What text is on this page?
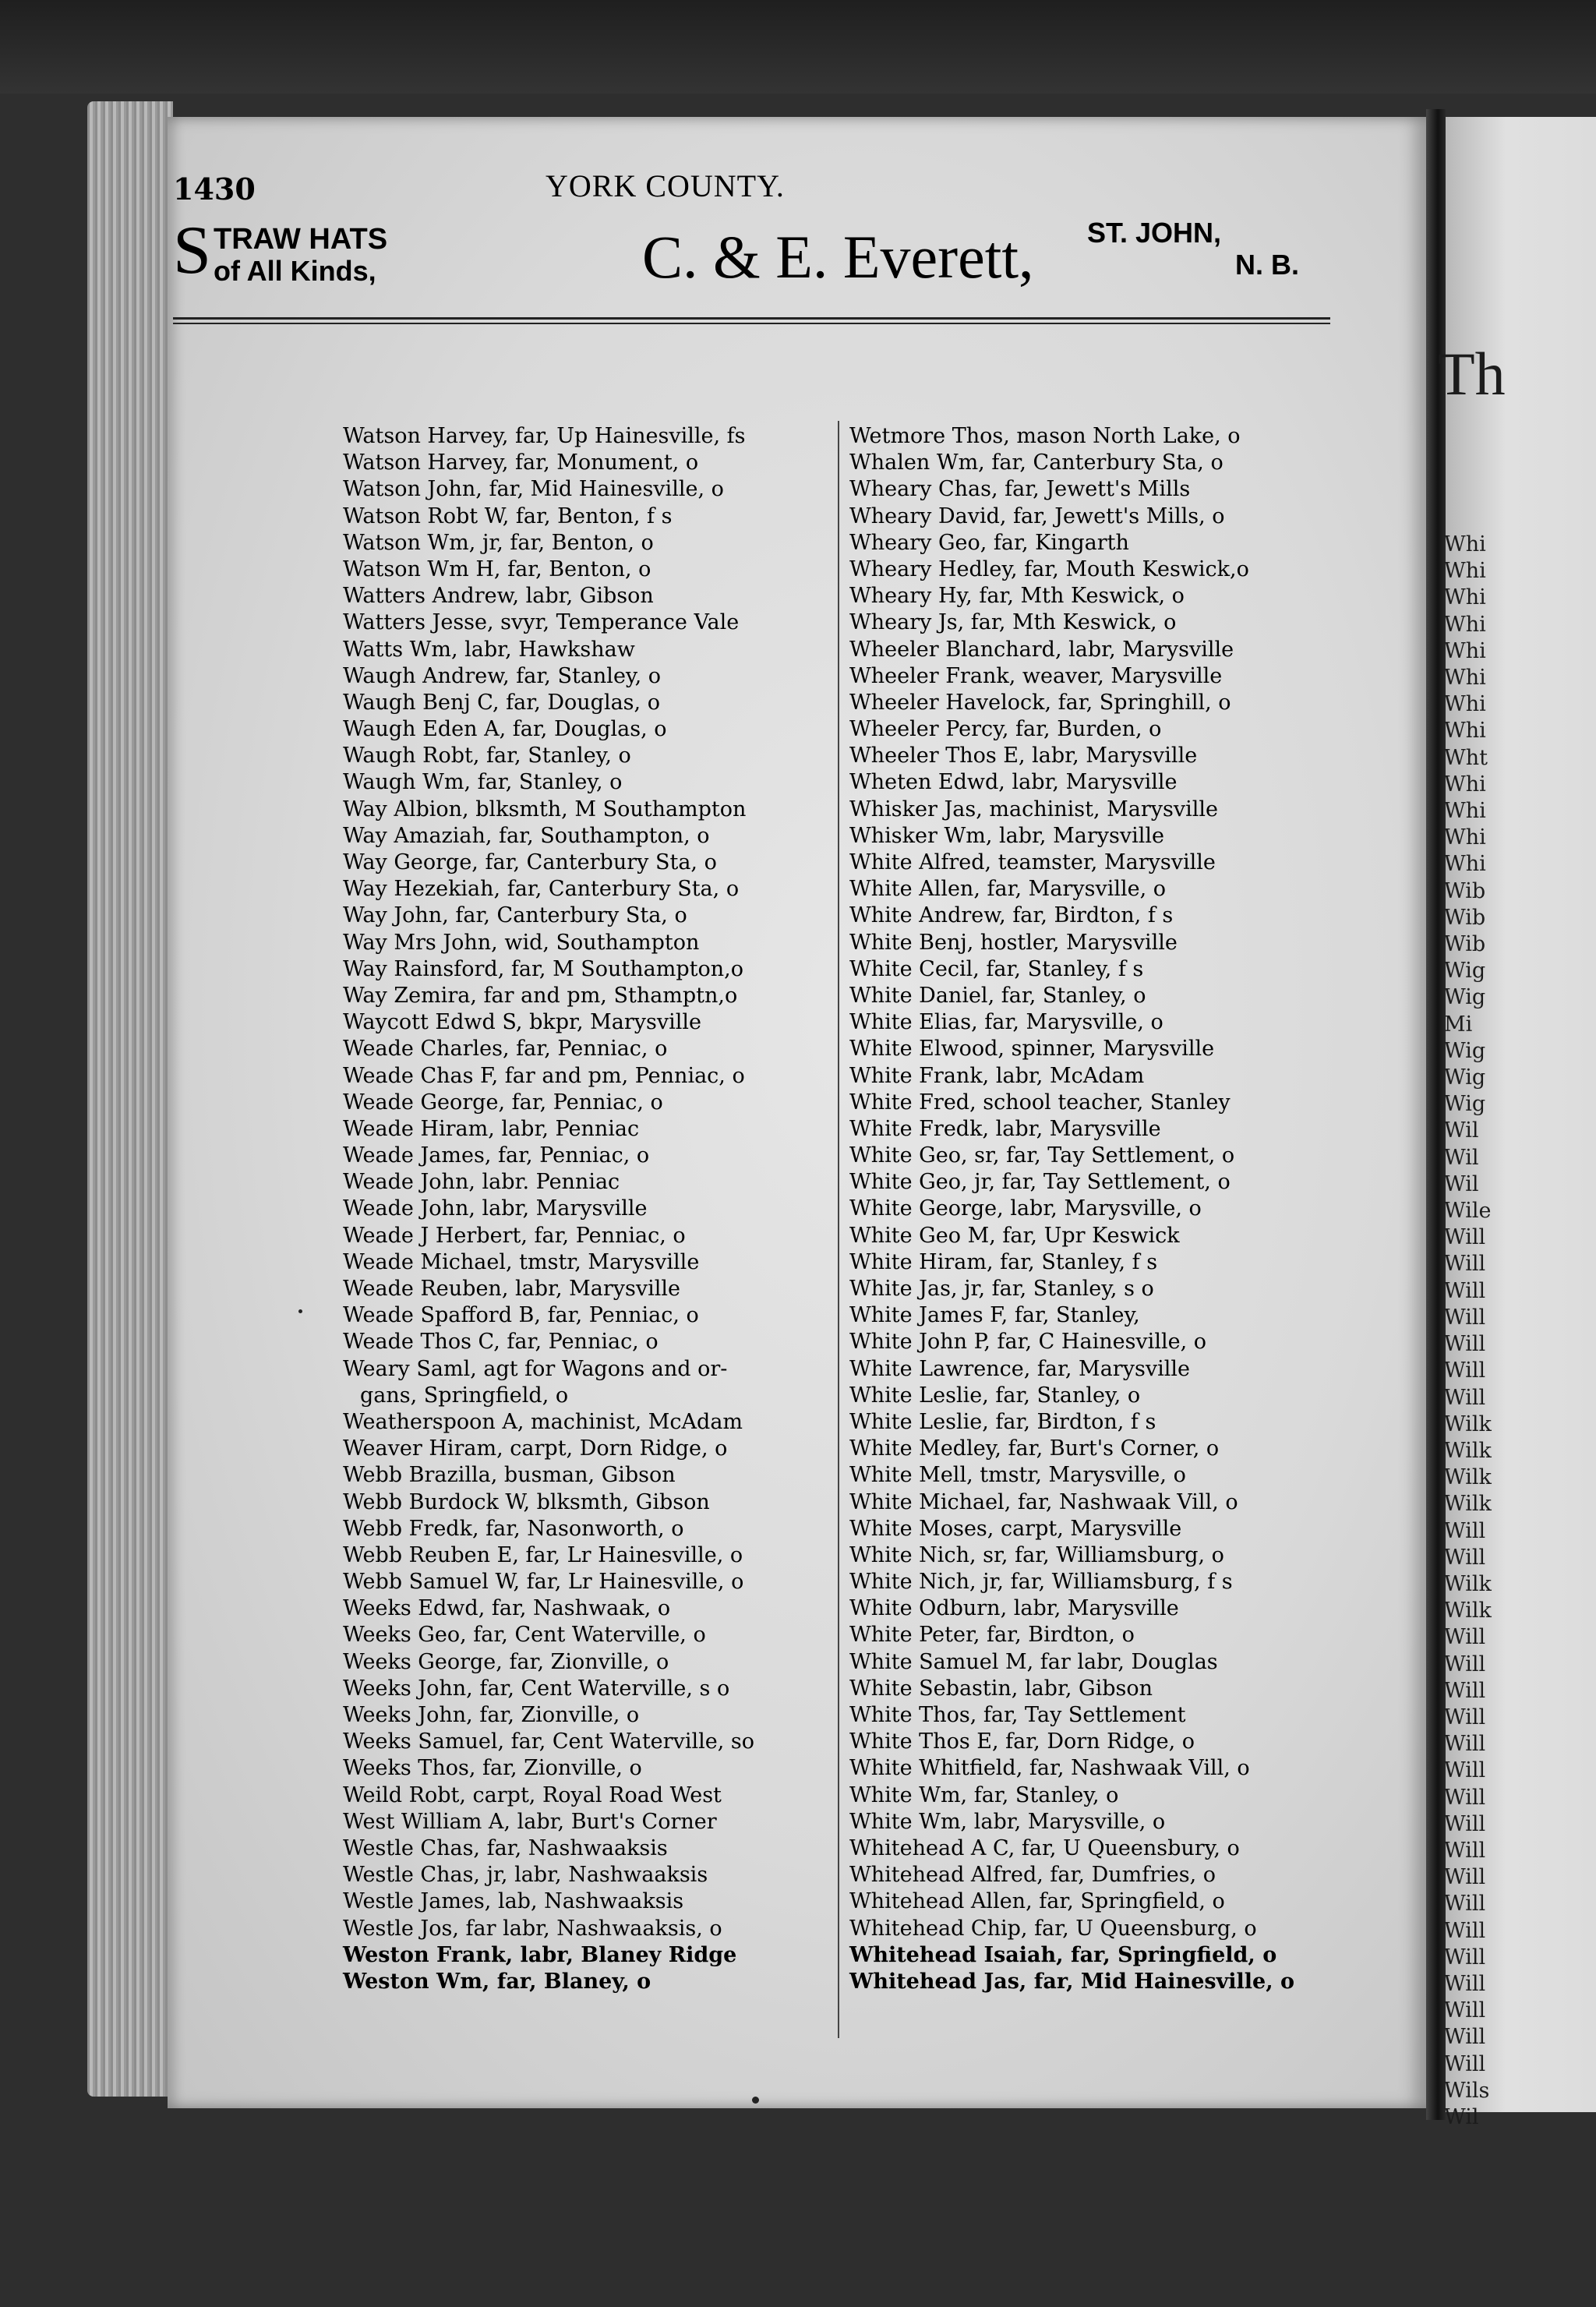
1430	YORK COUNTY.
S TRAW HATS
of All Kinds,	C. & E. Everett, ST. JOHN,
N. B.
Watson Harvey, far, Up Hainesville, fs
Watson Harvey, far, Monument, o
Watson John, far, Mid Hainesville, o
Watson Robt W, far, Benton, f s
Watson Wm, jr, far, Benton, o
Watson Wm H, far, Benton, o
Watters Andrew, labr, Gibson
Watters Jesse, svyr, Temperance Vale
Watts Wm, labr, Hawkshaw
Waugh Andrew, far, Stanley, o
Waugh Benj C, far, Douglas, o
Waugh Eden A, far, Douglas, o
Waugh Robt, far, Stanley, o
Waugh Wm, far, Stanley, o
Way Albion, blksmth, M Southampton
Way Amaziah, far, Southampton, o
Way George, far, Canterbury Sta, o
Way Hezekiah, far, Canterbury Sta, o
Way John, far, Canterbury Sta, o
Way Mrs John, wid, Southampton
Way Rainsford, far, M Southampton,o
Way Zemira, far and pm, Sthamptn,o
Waycott Edwd S, bkpr, Marysville
Weade Charles, far, Penniac, o
Weade Chas F, far and pm, Penniac, o
Weade George, far, Penniac, o
Weade Hiram, labr, Penniac
Weade James, far, Penniac, o
Weade John, labr. Penniac
Weade John, labr, Marysville
Weade J Herbert, far, Penniac, o
Weade Michael, tmstr, Marysville
Weade Reuben, labr, Marysville
Weade Spafford B, far, Penniac, o
Weade Thos C, far, Penniac, o
Weary Saml, agt for Wagons and or-
gans, Springfield, o
Weatherspoon A, machinist, McAdam
Weaver Hiram, carpt, Dorn Ridge, o
Webb Brazilla, busman, Gibson
Webb Burdock W, blksmth, Gibson
Webb Fredk, far, Nasonworth, o
Webb Reuben E, far, Lr Hainesville, o
Webb Samuel W, far, Lr Hainesville, o
Weeks Edwd, far, Nashwaak, o
Weeks Geo, far, Cent Waterville, o
Weeks George, far, Zionville, o
Weeks John, far, Cent Waterville, s o
Weeks John, far, Zionville, o
Weeks Samuel, far, Cent Waterville, so
Weeks Thos, far, Zionville, o
Weild Robt, carpt, Royal Road West
West William A, labr, Burt's Corner
Westle Chas, far, Nashwaaksis
Westle Chas, jr, labr, Nashwaaksis
Westle James, lab, Nashwaaksis
Westle Jos, far labr, Nashwaaksis, o
Weston Frank, labr, Blaney Ridge
Weston Wm, far, Blaney, o
Wetmore Thos, mason North Lake, o
Whalen Wm, far, Canterbury Sta, o
Wheary Chas, far, Jewett's Mills
Wheary David, far, Jewett's Mills, o
Wheary Geo, far, Kingarth
Wheary Hedley, far, Mouth Keswick,o
Wheary Hy, far, Mth Keswick, o
Wheary Js, far, Mth Keswick, o
Wheeler Blanchard, labr, Marysville
Wheeler Frank, weaver, Marysville
Wheeler Havelock, far, Springhill, o
Wheeler Percy, far, Burden, o
Wheeler Thos E, labr, Marysville
Wheten Edwd, labr, Marysville
Whisker Jas, machinist, Marysville
Whisker Wm, labr, Marysville
White Alfred, teamster, Marysville
White Allen, far, Marysville, o
White Andrew, far, Birdton, f s
White Benj, hostler, Marysville
White Cecil, far, Stanley, f s
White Daniel, far, Stanley, o
White Elias, far, Marysville, o
White Elwood, spinner, Marysville
White Frank, labr, McAdam
White Fred, school teacher, Stanley
White Fredk, labr, Marysville
White Geo, sr, far, Tay Settlement, o
White Geo, jr, far, Tay Settlement, o
White George, labr, Marysville, o
White Geo M, far, Upr Keswick
White Hiram, far, Stanley, f s
White Jas, jr, far, Stanley, s o
White James F, far, Stanley,
White John P, far, C Hainesville, o
White Lawrence, far, Marysville
White Leslie, far, Stanley, o
White Leslie, far, Birdton, f s
White Medley, far, Burt's Corner, o
White Mell, tmstr, Marysville, o
White Michael, far, Nashwaak Vill, o
White Moses, carpt, Marysville
White Nich, sr, far, Williamsburg, o
White Nich, jr, far, Williamsburg, f s
White Odburn, labr, Marysville
White Peter, far, Birdton, o
White Samuel M, far labr, Douglas
White Sebastin, labr, Gibson
White Thos, far, Tay Settlement
White Thos E, far, Dorn Ridge, o
White Whitfield, far, Nashwaak Vill, o
White Wm, far, Stanley, o
White Wm, labr, Marysville, o
Whitehead A C, far, U Queensbury, o
Whitehead Alfred, far, Dumfries, o
Whitehead Allen, far, Springfield, o
Whitehead Chip, far, U Queensburg, o
Whitehead Isaiah, far, Springfield, o
Whitehead Jas, far, Mid Hainesville, o
Th
Whi
Whi
Whi
Whi
Whi
Whi
Whi
Whi
Wht
Whi
Whi
Whi
Whi
Wib
Wib
Wib
Wig
Wig
Mi
Wig
Wig
Wig
Wil
Wil
Wil
Wile
Will
Will
Will
Will
Will
Will
Will
Wilk
Wilk
Wilk
Wilk
Will
Will
Wilk
Wilk
Will
Will
Will
Will
Will
Will
Will
Will
Will
Will
Will
Will
Will
Will
Will
Will
Will
Wils
Wil
